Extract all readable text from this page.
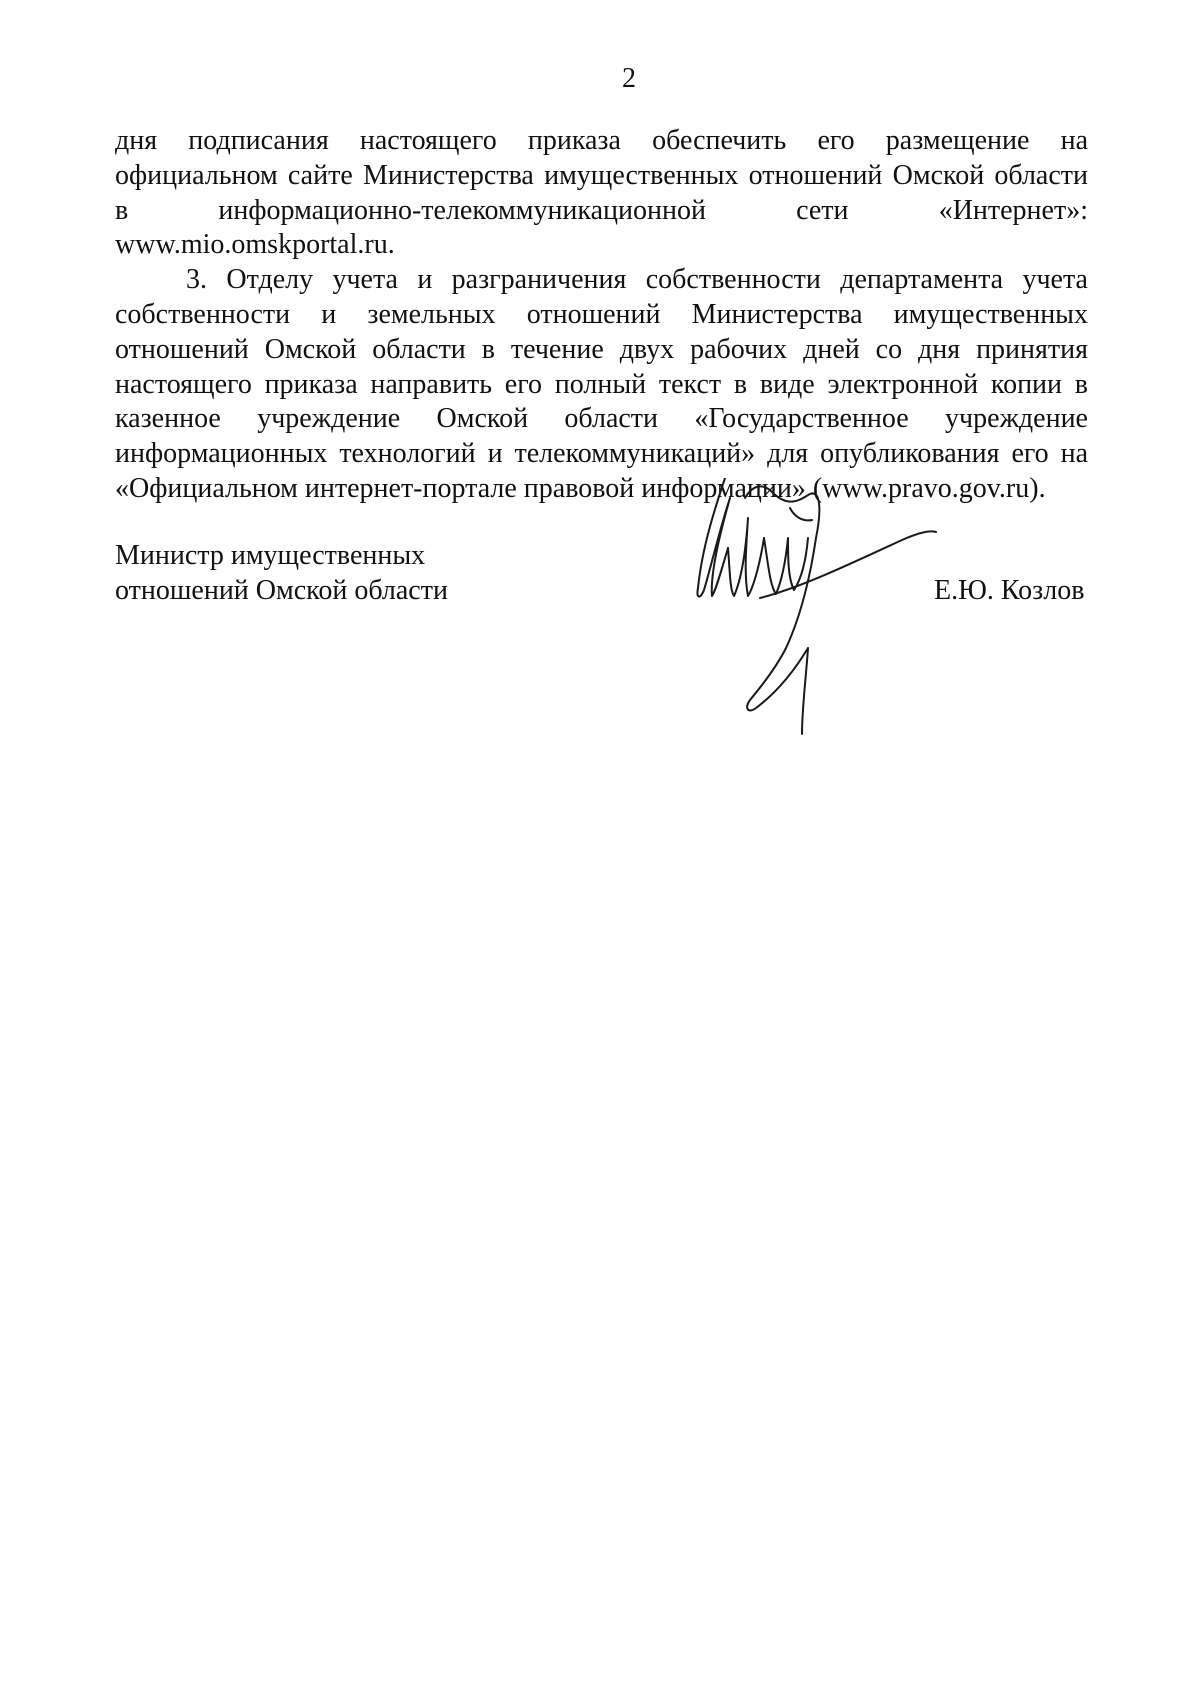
2

дня подписания настоящего приказа обеспечить его размещение на официальном сайте Министерства имущественных отношений Омской области в информационно-телекоммуникационной сети «Интернет»: www.mio.omskportal.ru.

3. Отделу учета и разграничения собственности департамента учета собственности и земельных отношений Министерства имущественных отношений Омской области в течение двух рабочих дней со дня принятия настоящего приказа направить его полный текст в виде электронной копии в казенное учреждение Омской области «Государственное учреждение информационных технологий и телекоммуникаций» для опубликования его на «Официальном интернет-портале правовой информации» (www.pravo.gov.ru).

Министр имущественных
отношений Омской области	Е.Ю. Козлов
